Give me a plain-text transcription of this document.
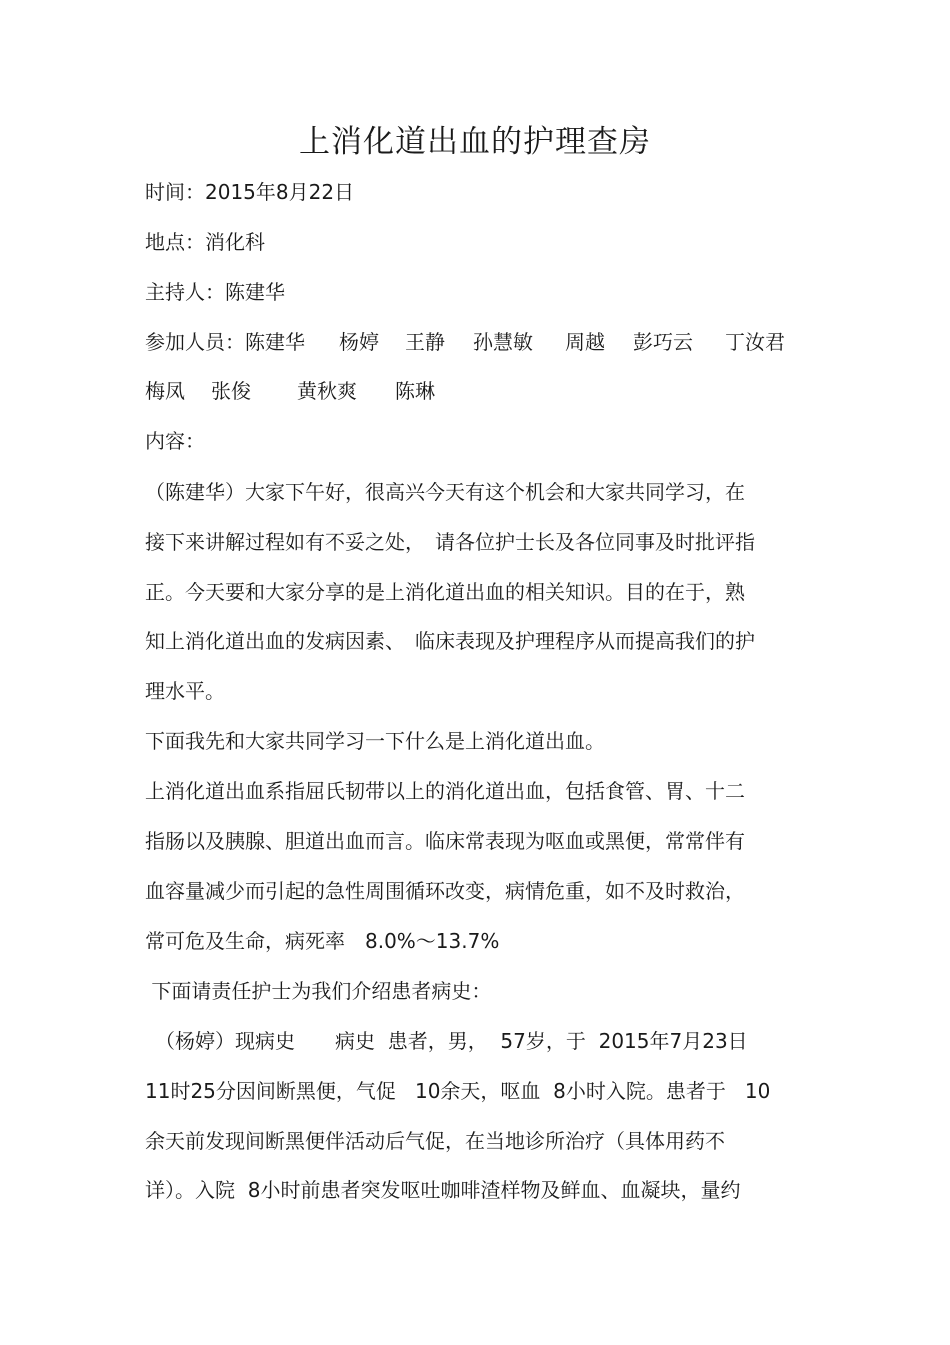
上消化道出血的护理查房
时间：2015年8月22日
地点：消化科
主持人：陈建华
参加人员：陈建华 杨婷 王静 孙慧敏 周越 彭巧云 丁汝君
梅凤 张俊 黄秋爽 陈琳
内容：
（陈建华）大家下午好，很高兴今天有这个机会和大家共同学习，在
接下来讲解过程如有不妥之处，　请各位护士长及各位同事及时批评指
正。今天要和大家分享的是上消化道出血的相关知识。目的在于，熟
知上消化道出血的发病因素、　临床表现及护理程序从而提高我们的护
理水平。
下面我先和大家共同学习一下什么是上消化道出血。
上消化道出血系指屈氏韧带以上的消化道出血，包括食管、胃、十二
指肠以及胰腺、胆道出血而言。临床常表现为呕血或黑便，常常伴有
血容量减少而引起的急性周围循环改变，病情危重，如不及时救治，
常可危及生命，病死率　8.0%～13.7%
下面请责任护士为我们介绍患者病史：
　（杨婷）现病史　　病史  患者，男，  57岁，于  2015年7月23日
11时25分因间断黑便，气促   10余天，呕血  8小时入院。患者于   10
余天前发现间断黑便伴活动后气促，在当地诊所治疗（具体用药不
详）。入院  8小时前患者突发呕吐咖啡渣样物及鲜血、血凝块，量约
